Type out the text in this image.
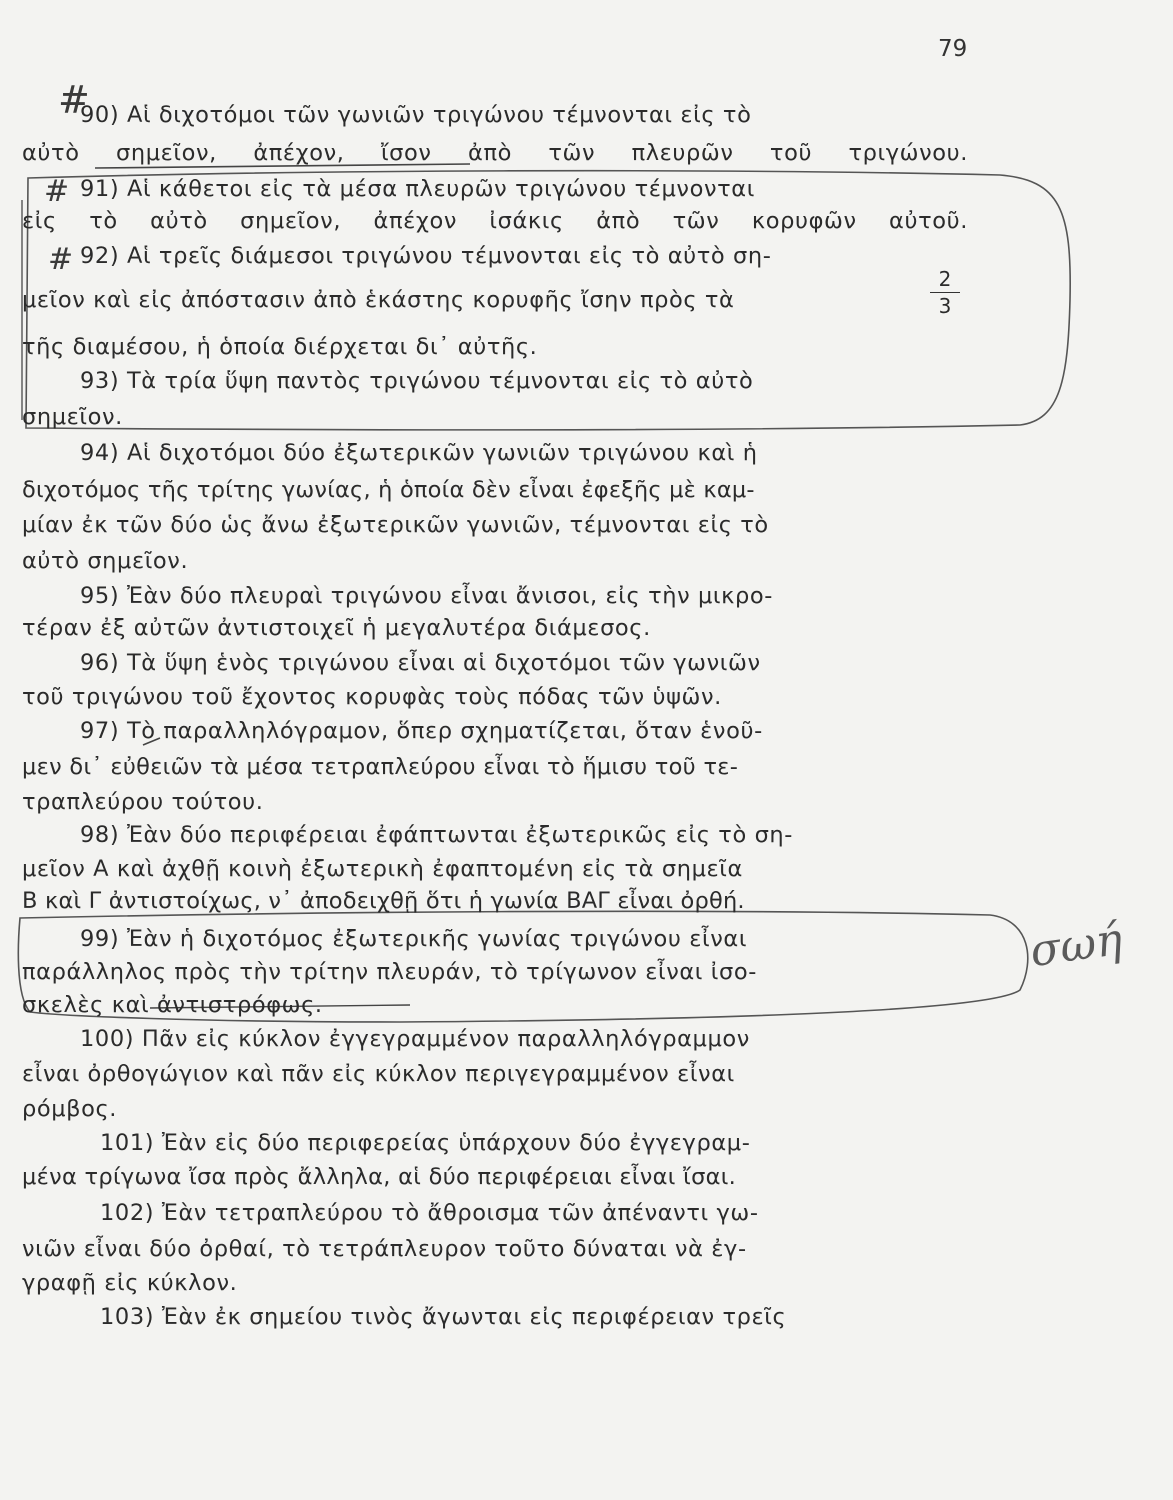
79
#
#
#
90) Αἱ διχοτόμοι τῶν γωνιῶν τριγώνου τέμνονται εἰς τὸ
αὐτὸ σημεῖον, ἀπέχον, ἴσον ἀπὸ τῶν πλευρῶν τοῦ τριγώνου.
91) Αἱ κάθετοι εἰς τὰ μέσα πλευρῶν τριγώνου τέμνονται
εἰς τὸ αὐτὸ σημεῖον, ἀπέχον ἰσάκις ἀπὸ τῶν κορυφῶν αὐτοῦ.
92) Αἱ τρεῖς διάμεσοι τριγώνου τέμνονται εἰς τὸ αὐτὸ ση-
μεῖον καὶ εἰς ἀπόστασιν ἀπὸ ἑκάστης κορυφῆς ἴσην πρὸς τὰ
2
3
τῆς διαμέσου, ἡ ὁποία διέρχεται δι᾽ αὐτῆς.
93) Τὰ τρία ὕψη παντὸς τριγώνου τέμνονται εἰς τὸ αὐτὸ
σημεῖον.
94) Αἱ διχοτόμοι δύο ἐξωτερικῶν γωνιῶν τριγώνου καὶ ἡ
διχοτόμος τῆς τρίτης γωνίας, ἡ ὁποία δὲν εἶναι ἐφεξῆς μὲ καμ-
μίαν ἐκ τῶν δύο ὡς ἄνω ἐξωτερικῶν γωνιῶν, τέμνονται εἰς τὸ
αὐτὸ σημεῖον.
95) Ἐὰν δύο πλευραὶ τριγώνου εἶναι ἄνισοι, εἰς τὴν μικρο-
τέραν ἐξ αὐτῶν ἀντιστοιχεῖ ἡ μεγαλυτέρα διάμεσος.
96) Τὰ ὕψη ἑνὸς τριγώνου εἶναι αἱ διχοτόμοι τῶν γωνιῶν
τοῦ τριγώνου τοῦ ἔχοντος κορυφὰς τοὺς πόδας τῶν ὑψῶν.
97) Τὸ παραλληλόγραμον, ὅπερ σχηματίζεται, ὅταν ἑνοῦ-
μεν δι᾽ εὐθειῶν τὰ μέσα τετραπλεύρου εἶναι τὸ ἥμισυ τοῦ τε-
τραπλεύρου τούτου.
98) Ἐὰν δύο περιφέρειαι ἐφάπτωνται ἐξωτερικῶς εἰς τὸ ση-
μεῖον Α καὶ ἀχθῇ κοινὴ ἐξωτερικὴ ἐφαπτομένη εἰς τὰ σημεῖα
Β καὶ Γ ἀντιστοίχως, ν᾽ ἀποδειχθῇ ὅτι ἡ γωνία ΒΑΓ εἶναι ὀρθή.
99) Ἐὰν ἡ διχοτόμος ἐξωτερικῆς γωνίας τριγώνου εἶναι
παράλληλος πρὸς τὴν τρίτην πλευράν, τὸ τρίγωνον εἶναι ἰσο-
σκελὲς καὶ ἀντιστρόφως.
100) Πᾶν εἰς κύκλον ἐγγεγραμμένον παραλληλόγραμμον
εἶναι ὀρθογώγιον καὶ πᾶν εἰς κύκλον περιγεγραμμένον εἶναι
ρόμβος.
101) Ἐὰν εἰς δύο περιφερείας ὑπάρχουν δύο ἐγγεγραμ-
μένα τρίγωνα ἴσα πρὸς ἄλληλα, αἱ δύο περιφέρειαι εἶναι ἴσαι.
102) Ἐὰν τετραπλεύρου τὸ ἄθροισμα τῶν ἀπέναντι γω-
νιῶν εἶναι δύο ὀρθαί, τὸ τετράπλευρον τοῦτο δύναται νὰ ἐγ-
γραφῇ εἰς κύκλον.
103) Ἐὰν ἐκ σημείου τινὸς ἄγωνται εἰς περιφέρειαν τρεῖς
σωή
